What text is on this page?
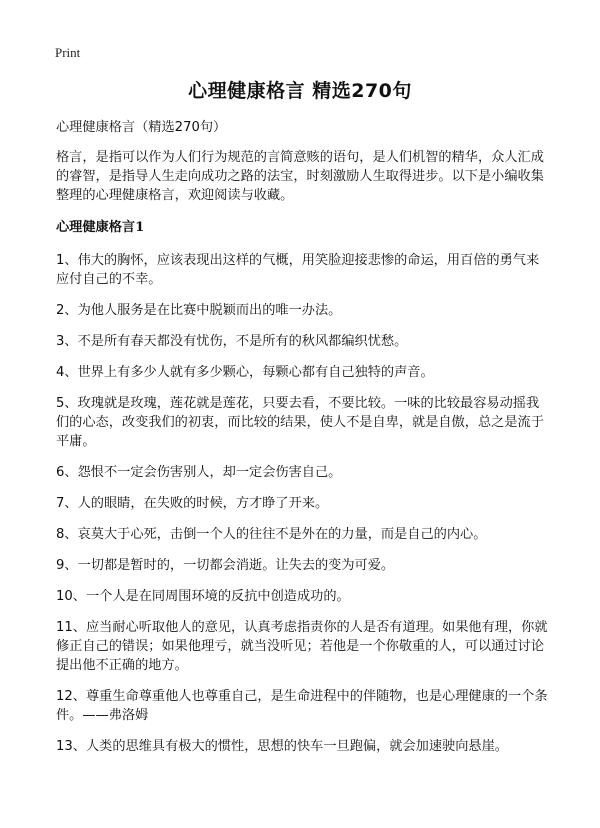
Print
心理健康格言 精选270句

心理健康格言（精选270句）

格言，是指可以作为人们行为规范的言简意赅的语句，是人们机智的精华，众人汇成的睿智，是指导人生走向成功之路的法宝，时刻激励人生取得进步。以下是小编收集整理的心理健康格言，欢迎阅读与收藏。

心理健康格言1

1、伟大的胸怀，应该表现出这样的气概，用笑脸迎接悲惨的命运，用百倍的勇气来应付自己的不幸。

2、为他人服务是在比赛中脱颖而出的唯一办法。

3、不是所有春天都没有忧伤，不是所有的秋风都编织忧愁。

4、世界上有多少人就有多少颗心，每颗心都有自己独特的声音。

5、玫瑰就是玫瑰，莲花就是莲花，只要去看，不要比较。一味的比较最容易动摇我们的心态，改变我们的初衷，而比较的结果，使人不是自卑，就是自傲，总之是流于平庸。

6、怨恨不一定会伤害别人，却一定会伤害自己。

7、人的眼睛，在失败的时候，方才睁了开来。

8、哀莫大于心死，击倒一个人的往往不是外在的力量，而是自己的内心。

9、一切都是暂时的，一切都会消逝。让失去的变为可爱。

10、一个人是在同周围环境的反抗中创造成功的。

11、应当耐心听取他人的意见，认真考虑指责你的人是否有道理。如果他有理，你就修正自己的错误；如果他理亏，就当没听见；若他是一个你敬重的人，可以通过讨论提出他不正确的地方。

12、尊重生命尊重他人也尊重自己，是生命进程中的伴随物，也是心理健康的一个条件。——弗洛姆

13、人类的思维具有极大的惯性，思想的快车一旦跑偏，就会加速驶向悬崖。
